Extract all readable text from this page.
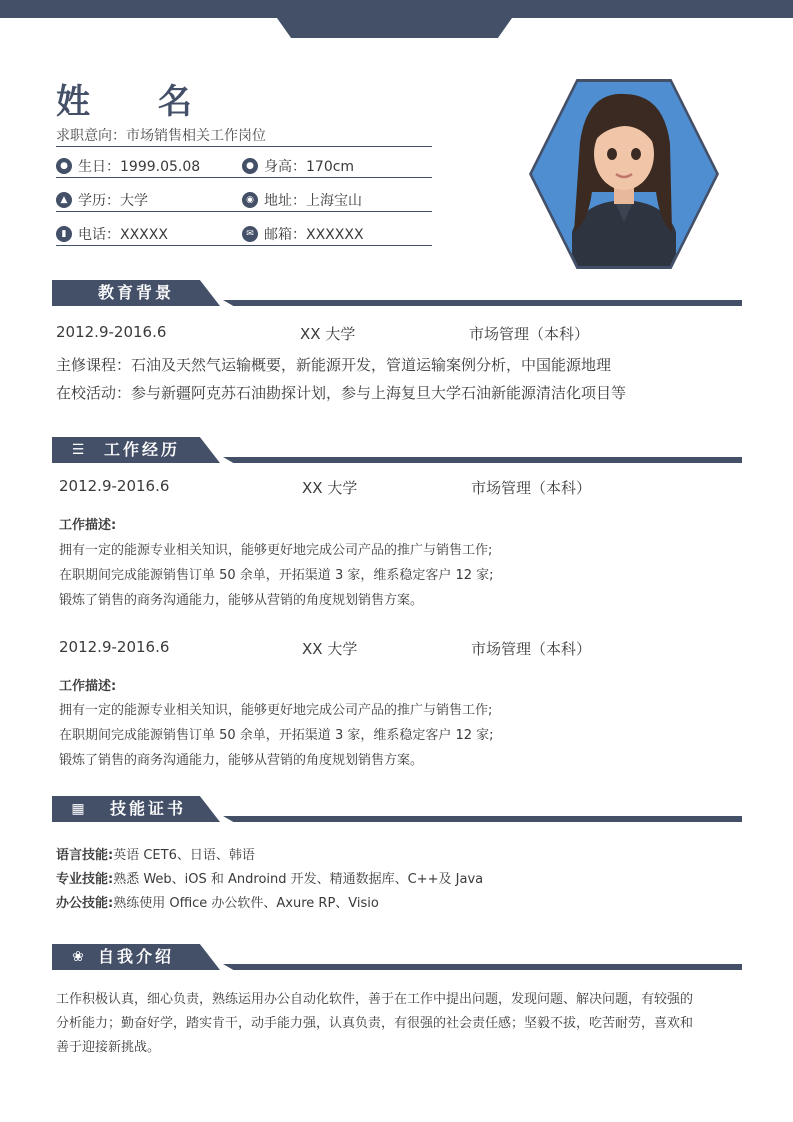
姓 名
求职意向：市场销售相关工作岗位
● 生日：1999.05.08	● 身高：170cm
▲ 学历：大学	◉ 地址：上海宝山
▮ 电话：XXXXX	✉ 邮箱：XXXXXX
教育背景
2012.9-2016.6	XX 大学	市场管理（本科）
主修课程：石油及天然气运输概要，新能源开发，管道运输案例分析，中国能源地理
在校活动：参与新疆阿克苏石油勘探计划，参与上海复旦大学石油新能源清洁化项目等
☰ 工作经历
2012.9-2016.6	XX 大学	市场管理（本科）
工作描述:
拥有一定的能源专业相关知识，能够更好地完成公司产品的推广与销售工作;
在职期间完成能源销售订单 50 余单，开拓渠道 3 家，维系稳定客户 12 家;
锻炼了销售的商务沟通能力，能够从营销的角度规划销售方案。
2012.9-2016.6	XX 大学	市场管理（本科）
工作描述:
拥有一定的能源专业相关知识，能够更好地完成公司产品的推广与销售工作;
在职期间完成能源销售订单 50 余单，开拓渠道 3 家，维系稳定客户 12 家;
锻炼了销售的商务沟通能力，能够从营销的角度规划销售方案。
▦ 技能证书
语言技能:英语 CET6、日语、韩语
专业技能:熟悉 Web、iOS 和 Androind 开发、精通数据库、C++及 Java
办公技能:熟练使用 Office 办公软件、Axure RP、Visio
❀ 自我介绍
工作积极认真，细心负责，熟练运用办公自动化软件，善于在工作中提出问题，发现问题、解决问题，有较强的
分析能力；勤奋好学，踏实肯干，动手能力强，认真负责，有很强的社会责任感；坚毅不拔，吃苦耐劳，喜欢和
善于迎接新挑战。
